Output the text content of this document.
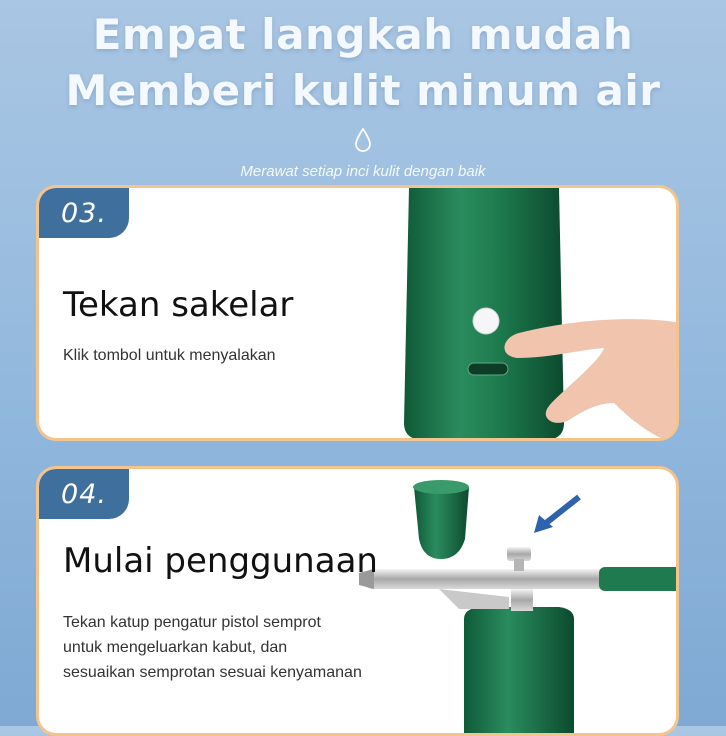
Empat langkah mudah
Memberi kulit minum air
Merawat setiap inci kulit dengan baik
03.
Tekan sakelar
Klik tombol untuk menyalakan
04.
Mulai penggunaan
Tekan katup pengatur pistol semprot
untuk mengeluarkan kabut, dan
sesuaikan semprotan sesuai kenyamanan
